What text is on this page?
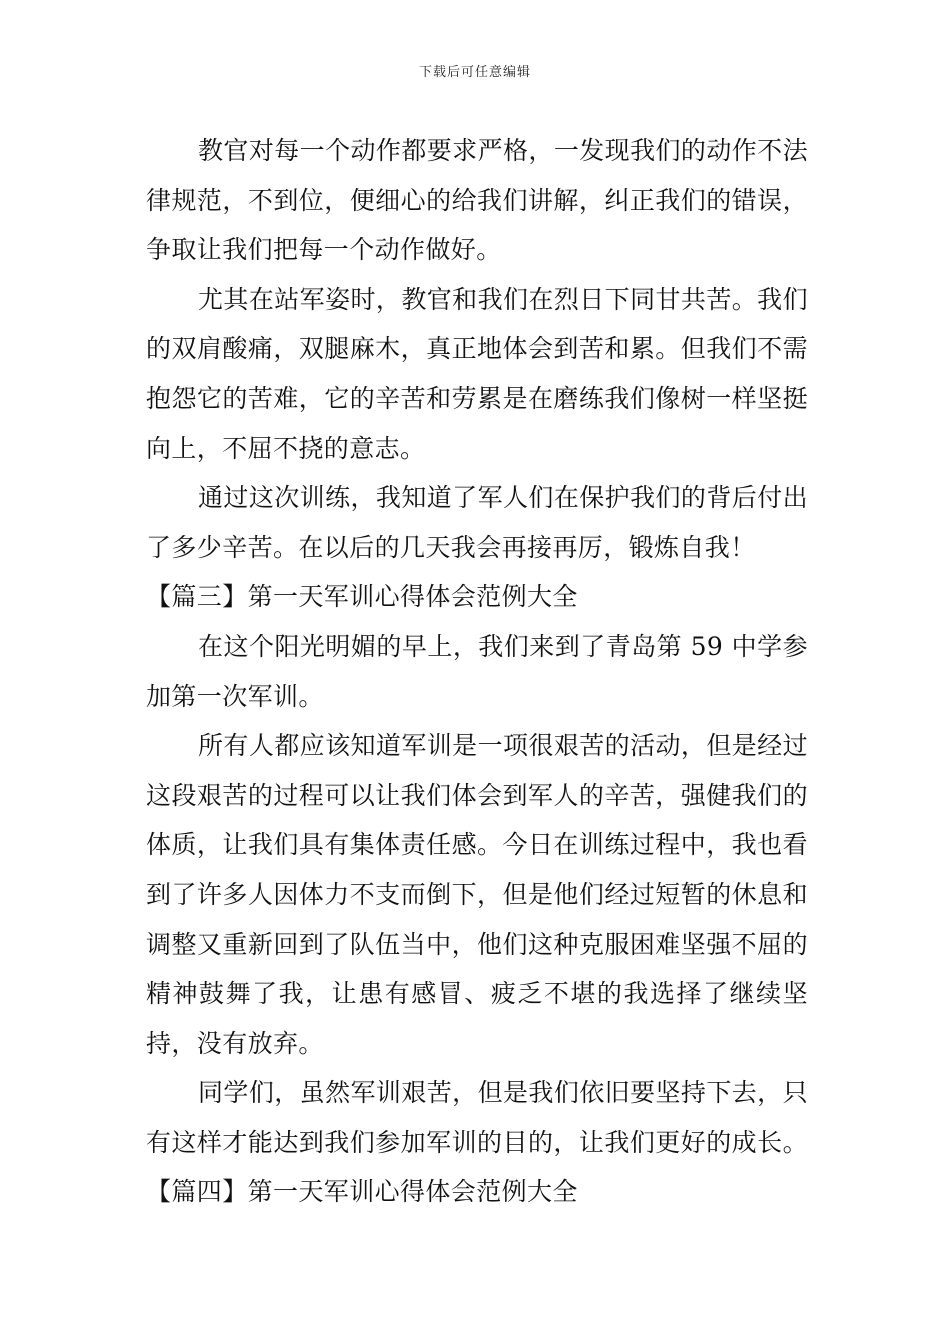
下载后可任意编辑

教官对每一个动作都要求严格，一发现我们的动作不法律规范，不到位，便细心的给我们讲解，纠正我们的错误，争取让我们把每一个动作做好。

尤其在站军姿时，教官和我们在烈日下同甘共苦。我们的双肩酸痛，双腿麻木，真正地体会到苦和累。但我们不需抱怨它的苦难，它的辛苦和劳累是在磨练我们像树一样坚挺向上，不屈不挠的意志。

通过这次训练，我知道了军人们在保护我们的背后付出了多少辛苦。在以后的几天我会再接再厉，锻炼自我！

【篇三】第一天军训心得体会范例大全

在这个阳光明媚的早上，我们来到了青岛第 59 中学参加第一次军训。

所有人都应该知道军训是一项很艰苦的活动，但是经过这段艰苦的过程可以让我们体会到军人的辛苦，强健我们的体质，让我们具有集体责任感。今日在训练过程中，我也看到了许多人因体力不支而倒下，但是他们经过短暂的休息和调整又重新回到了队伍当中，他们这种克服困难坚强不屈的精神鼓舞了我，让患有感冒、疲乏不堪的我选择了继续坚持，没有放弃。

同学们，虽然军训艰苦，但是我们依旧要坚持下去，只有这样才能达到我们参加军训的目的，让我们更好的成长。【篇四】第一天军训心得体会范例大全
